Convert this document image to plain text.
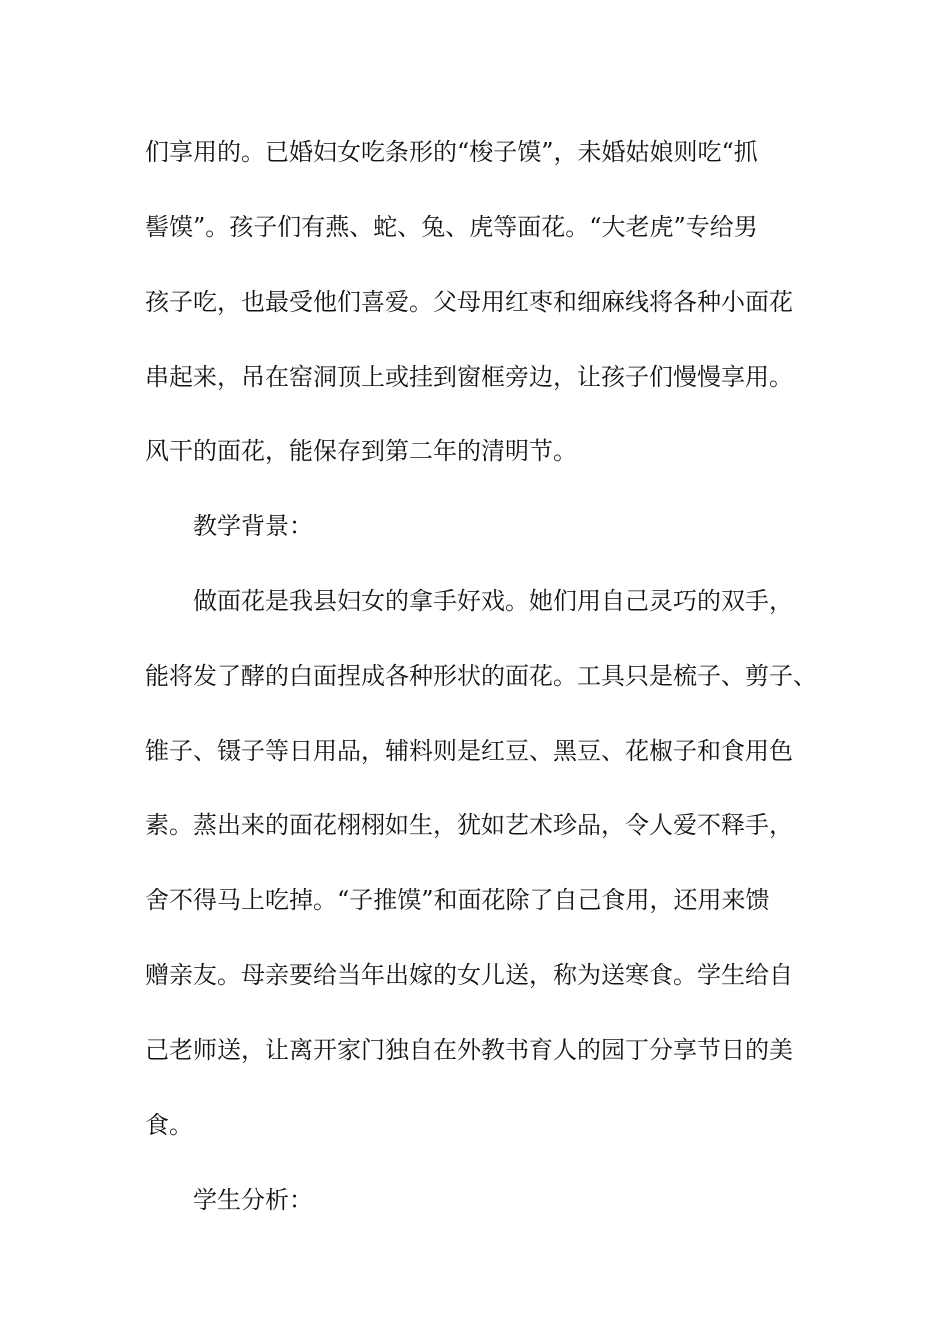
们享用的。已婚妇女吃条形的“梭子馍”，未婚姑娘则吃“抓

髻馍”。孩子们有燕、蛇、兔、虎等面花。“大老虎”专给男

孩子吃，也最受他们喜爱。父母用红枣和细麻线将各种小面花

串起来，吊在窑洞顶上或挂到窗框旁边，让孩子们慢慢享用。

风干的面花，能保存到第二年的清明节。

教学背景：

做面花是我县妇女的拿手好戏。她们用自己灵巧的双手，

能将发了酵的白面捏成各种形状的面花。工具只是梳子、剪子、

锥子、镊子等日用品，辅料则是红豆、黑豆、花椒子和食用色

素。蒸出来的面花栩栩如生，犹如艺术珍品，令人爱不释手，

舍不得马上吃掉。“子推馍”和面花除了自己食用，还用来馈

赠亲友。母亲要给当年出嫁的女儿送，称为送寒食。学生给自

己老师送，让离开家门独自在外教书育人的园丁分享节日的美

食。

学生分析：
